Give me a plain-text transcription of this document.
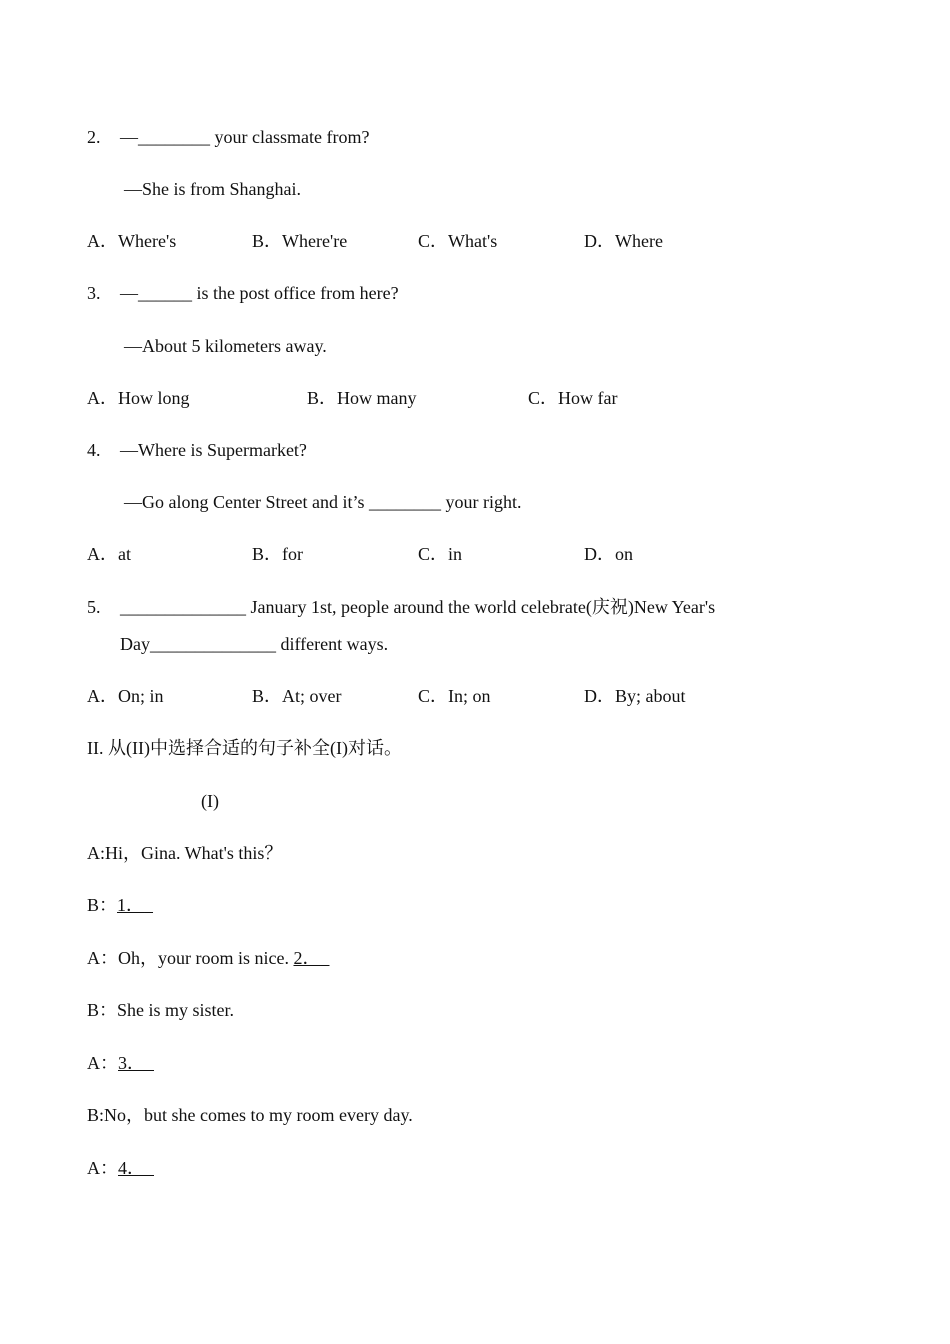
2. —________ your classmate from?
—She is from Shanghai.
A．Where's	B．Where're	C．What's	D．Where
3. —______ is the post office from here?
—About 5 kilometers away.
A．How long	B．How many	C．How far
4. —Where is Supermarket?
—Go along Center Street and it’s ________ your right.
A．at	B．for	C．in	D．on
5. ______________ January 1st, people around the world celebrate(庆祝)New Year's
Day______________ different ways.
A．On; in	B．At; over	C．In; on	D．By; about
II. 从(II)中选择合适的句子补全(I)对话。
(I)
A:Hi，Gina. What's this？
B：1．
A：Oh，your room is nice. 2．
B：She is my sister.
A：3．
B:No，but she comes to my room every day.
A：4．
